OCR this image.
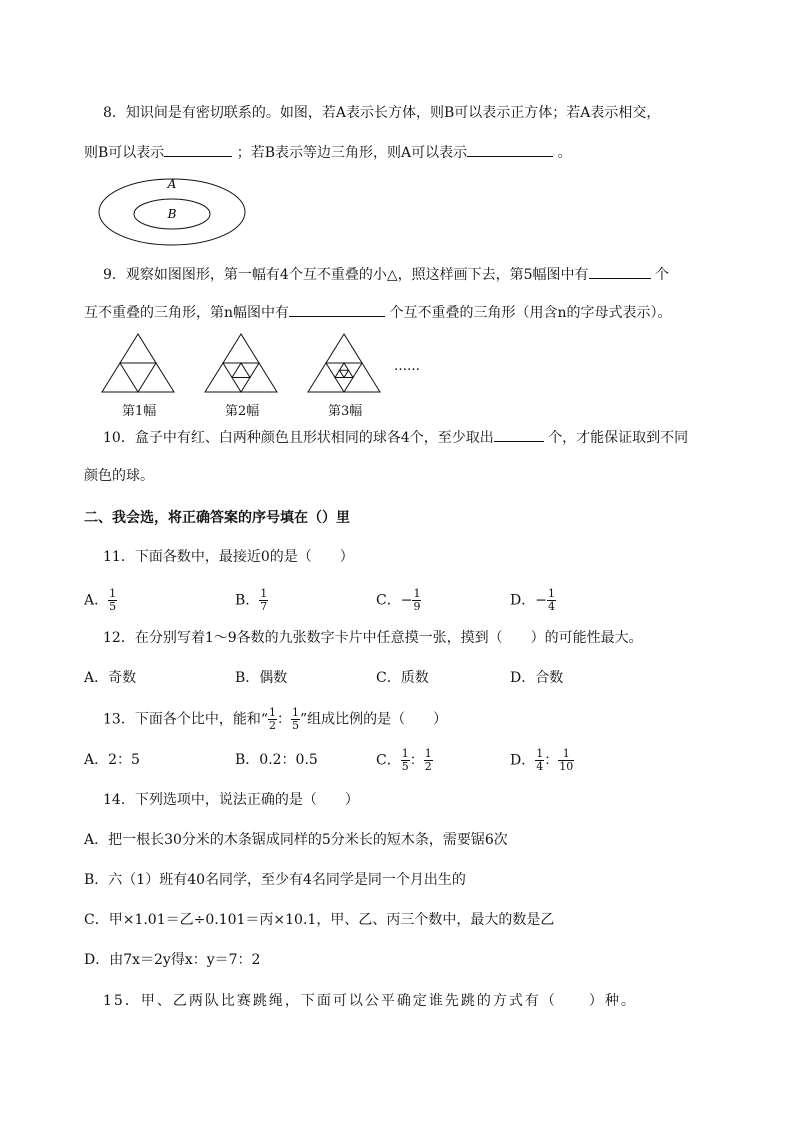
8．知识间是有密切联系的。如图，若A表示长方体，则B可以表示正方体；若A表示相交，
则B可以表示	；若B表示等边三角形，则A可以表示	。
A
B
9．观察如图图形，第一幅有4个互不重叠的小△，照这样画下去，第5幅图中有	个
互不重叠的三角形，第n幅图中有	个互不重叠的三角形（用含n的字母式表示）。
……
第1幅	第2幅	第3幅
10．盒子中有红、白两种颜色且形状相同的球各4个，至少取出	个，才能保证取到不同
颜色的球。
二、我会选，将正确答案的序号填在（）里
11．下面各数中，最接近0的是（　　）
A． $\frac{1}{5}$	B． $\frac{1}{7}$	C．− $\frac{1}{9}$	D．− $\frac{1}{4}$
12．在分别写着1～9各数的九张数字卡片中任意摸一张，摸到（　　）的可能性最大。
A．奇数	B．偶数	C．质数	D．合数
13．下面各个比中，能和“ $\frac{1}{2}$ ： $\frac{1}{5}$ ”组成比例的是（　　）
A．2：5	B．0.2：0.5	C． $\frac{1}{5}$ ： $\frac{1}{2}$	D． $\frac{1}{4}$ ： $\frac{1}{10}$
14．下列选项中，说法正确的是（　　）
A．把一根长30分米的木条锯成同样的5分米长的短木条，需要锯6次
B．六（1）班有40名同学，至少有4名同学是同一个月出生的
C．甲×1.01＝乙÷0.101＝丙×10.1，甲、乙、丙三个数中，最大的数是乙
D．由7x＝2y得x：y＝7：2
15．甲、乙两队比赛跳绳，下面可以公平确定谁先跳的方式有（　　）种。
